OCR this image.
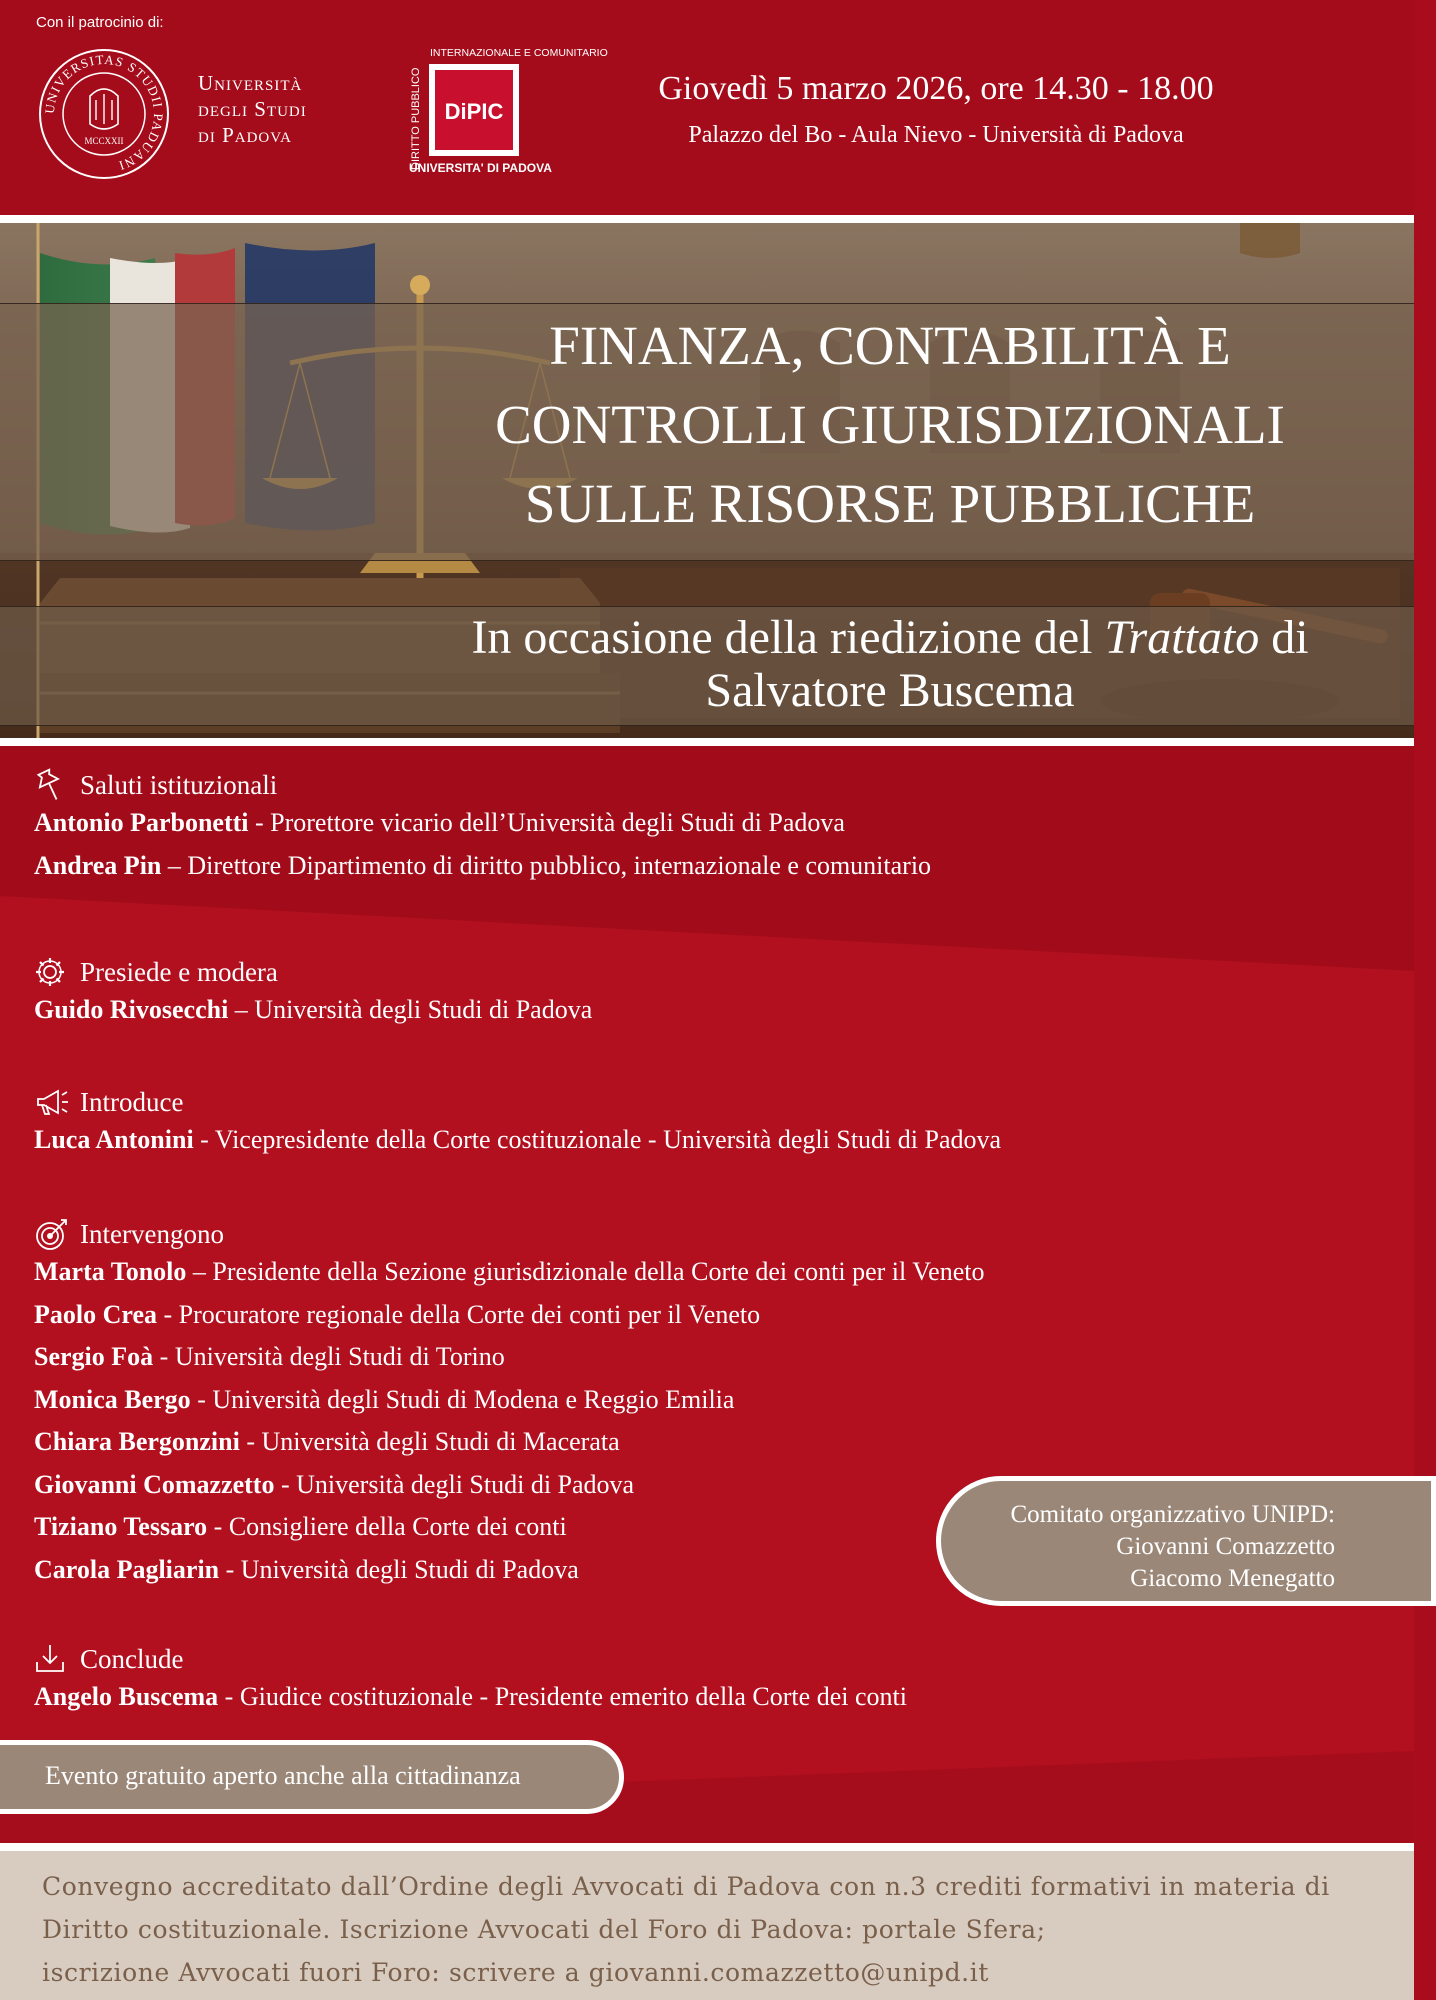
Con il patrocinio di:
UNIVERSITAS STUDII PADUANI
MCCXXII
Università
degli Studi
di Padova	DIRITTO PUBBLICO
INTERNAZIONALE E COMUNITARIO
DiPIC
UNIVERSITA' DI PADOVA
Giovedì 5 marzo 2026, ore 14.30 - 18.00
Palazzo del Bo - Aula Nievo - Università di Padova
FINANZA, CONTABILITÀ E
CONTROLLI GIURISDIZIONALI
SULLE RISORSE PUBBLICHE
In occasione della riedizione del Trattato di
Salvatore Buscema
Saluti istituzionali
Antonio Parbonetti - Prorettore vicario dell’Università degli Studi di Padova
Andrea Pin – Direttore Dipartimento di diritto pubblico, internazionale e comunitario
Presiede e modera
Guido Rivosecchi – Università degli Studi di Padova
Introduce
Luca Antonini - Vicepresidente della Corte costituzionale - Università degli Studi di Padova
Intervengono
Marta Tonolo – Presidente della Sezione giurisdizionale della Corte dei conti per il Veneto
Paolo Crea - Procuratore regionale della Corte dei conti per il Veneto
Sergio Foà - Università degli Studi di Torino
Monica Bergo - Università degli Studi di Modena e Reggio Emilia
Chiara Bergonzini - Università degli Studi di Macerata
Giovanni Comazzetto - Università degli Studi di Padova
Tiziano Tessaro - Consigliere della Corte dei conti
Carola Pagliarin - Università degli Studi di Padova
Conclude
Angelo Buscema - Giudice costituzionale - Presidente emerito della Corte dei conti
Comitato organizzativo UNIPD:
Giovanni Comazzetto
Giacomo Menegatto
Evento gratuito aperto anche alla cittadinanza
Convegno accreditato dall’Ordine degli Avvocati di Padova con n.3 crediti formativi in materia di
Diritto costituzionale. Iscrizione Avvocati del Foro di Padova: portale Sfera;
iscrizione Avvocati fuori Foro: scrivere a giovanni.comazzetto@unipd.it
